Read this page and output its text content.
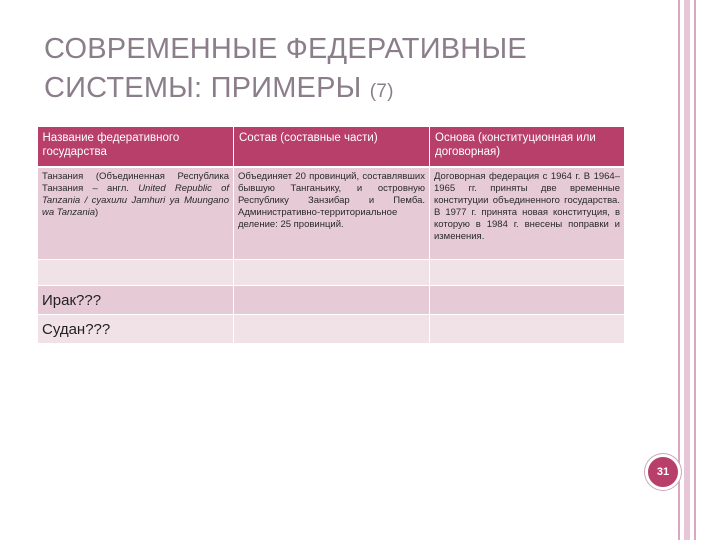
СОВРЕМЕННЫЕ ФЕДЕРАТИВНЫЕ СИСТЕМЫ: ПРИМЕРЫ (7)
Название федеративного государства	Состав (составные части)	Основа (конституционная или договорная)
Танзания (Объединенная Республика Танзания – англ. United Republic of Tanzania / суахили Jamhuri ya Muungano wa Tanzania)	Объединяет 20 провинций, составлявших бывшую Танганьику, и островную Республику Занзибар и Пемба. Административно-территориальное деление: 25 провинций.	Договорная федерация с 1964 г. В 1964–1965 гг. приняты две временные конституции объединенного государства. В 1977 г. принята новая конституция, в которую в 1984 г. внесены поправки и изменения.

Ирак???		
Судан???		
31
